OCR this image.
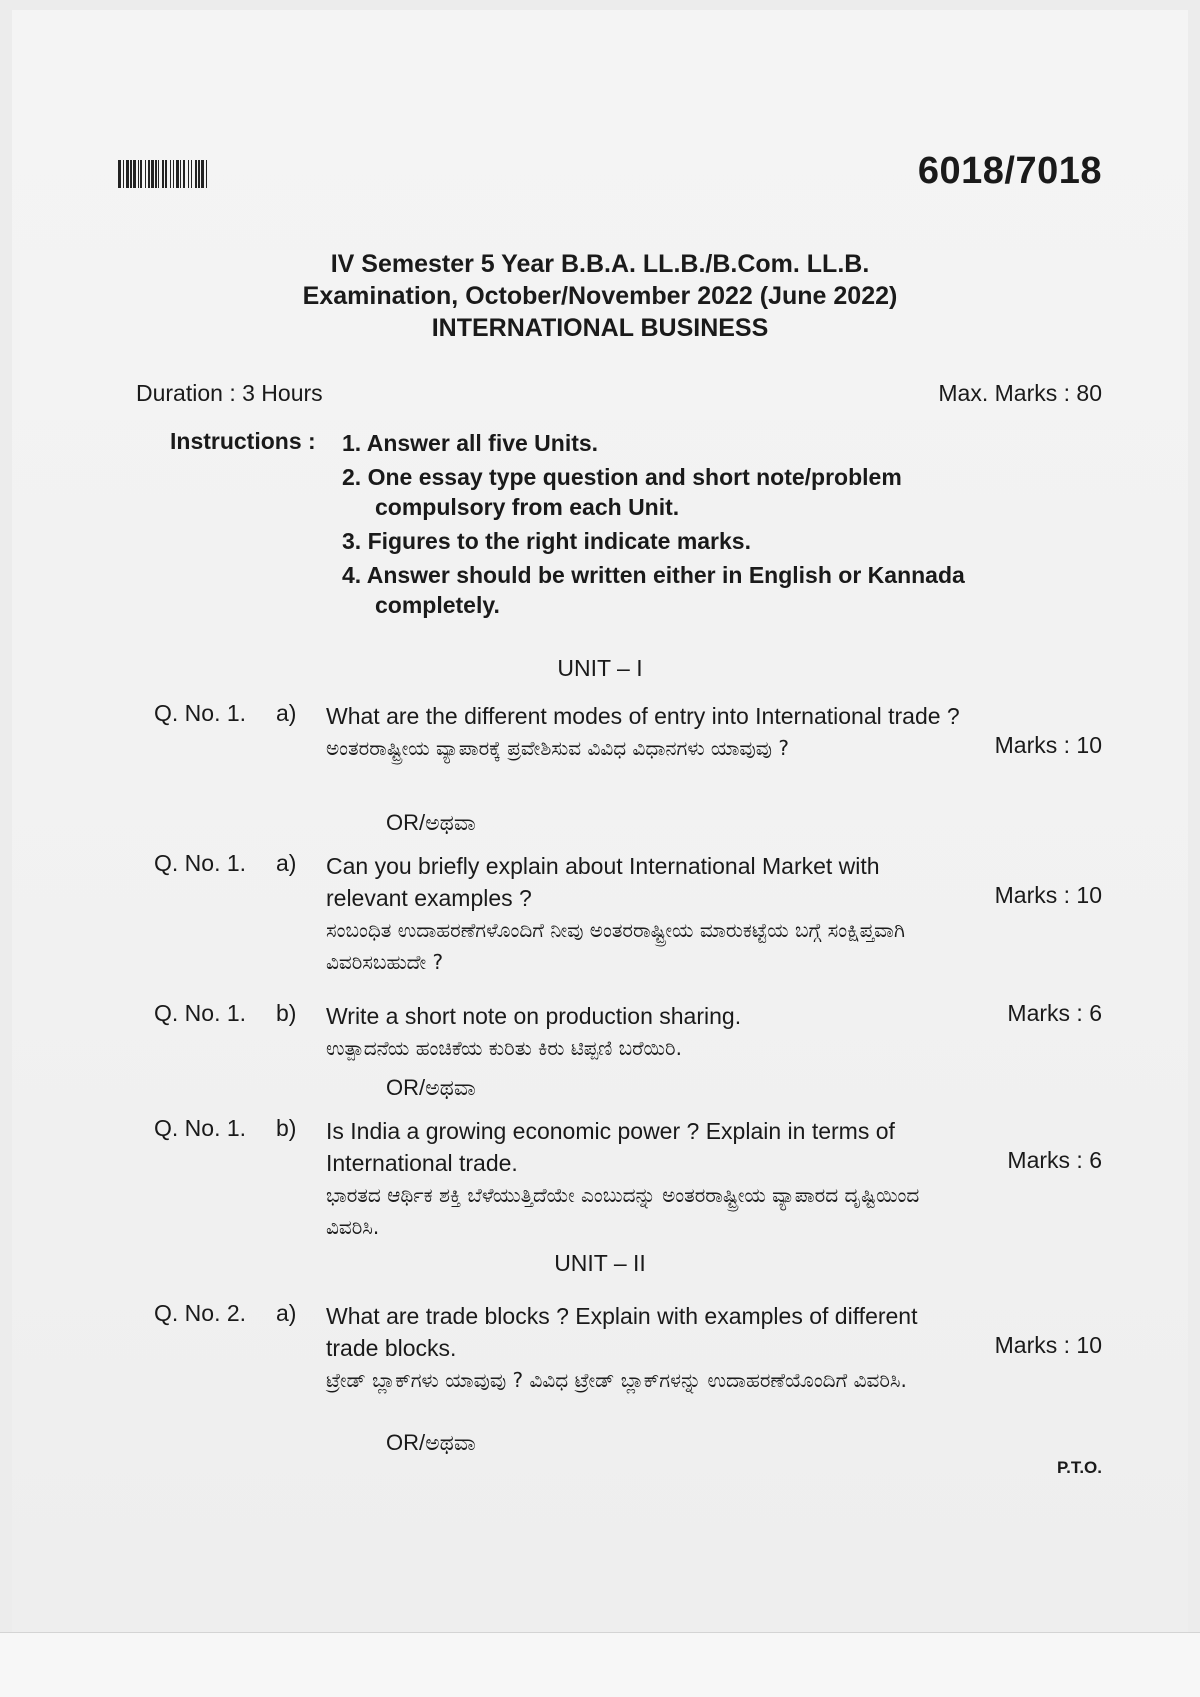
6018/7018
IV Semester 5 Year B.B.A. LL.B./B.Com. LL.B.
Examination, October/November 2022 (June 2022)
INTERNATIONAL BUSINESS
Duration : 3 Hours	Max. Marks : 80
Instructions : 1. Answer all five Units.
2. One essay type question and short note/problem compulsory from each Unit.
3. Figures to the right indicate marks.
4. Answer should be written either in English or Kannada completely.
UNIT – I
Q. No. 1. a) What are the different modes of entry into International trade ?
ಅಂತರರಾಷ್ಟ್ರೀಯ ವ್ಯಾಪಾರಕ್ಕೆ ಪ್ರವೇಶಿಸುವ ವಿವಿಧ ವಿಧಾನಗಳು ಯಾವುವು ?	Marks : 10
OR/ಅಥವಾ
Q. No. 1. a) Can you briefly explain about International Market with relevant examples ?
ಸಂಬಂಧಿತ ಉದಾಹರಣೆಗಳೊಂದಿಗೆ ನೀವು ಅಂತರರಾಷ್ಟ್ರೀಯ ಮಾರುಕಟ್ಟೆಯ ಬಗ್ಗೆ ಸಂಕ್ಷಿಪ್ತವಾಗಿ ವಿವರಿಸಬಹುದೇ ?
Marks : 10
Q. No. 1. b) Write a short note on production sharing.
ಉತ್ಪಾದನೆಯ ಹಂಚಿಕೆಯ ಕುರಿತು ಕಿರು ಟಿಪ್ಪಣಿ ಬರೆಯಿರಿ.
Marks : 6
OR/ಅಥವಾ
Q. No. 1. b) Is India a growing economic power ? Explain in terms of International trade.
ಭಾರತದ ಆರ್ಥಿಕ ಶಕ್ತಿ ಬೆಳೆಯುತ್ತಿದೆಯೇ ಎಂಬುದನ್ನು ಅಂತರರಾಷ್ಟ್ರೀಯ ವ್ಯಾಪಾರದ ದೃಷ್ಟಿಯಿಂದ ವಿವರಿಸಿ.
Marks : 6
UNIT – II
Q. No. 2. a) What are trade blocks ? Explain with examples of different trade blocks.
ಟ್ರೇಡ್ ಬ್ಲಾಕ್‌ಗಳು ಯಾವುವು ? ವಿವಿಧ ಟ್ರೇಡ್ ಬ್ಲಾಕ್‌ಗಳನ್ನು ಉದಾಹರಣೆಯೊಂದಿಗೆ ವಿವರಿಸಿ.
Marks : 10
OR/ಅಥವಾ
P.T.O.
